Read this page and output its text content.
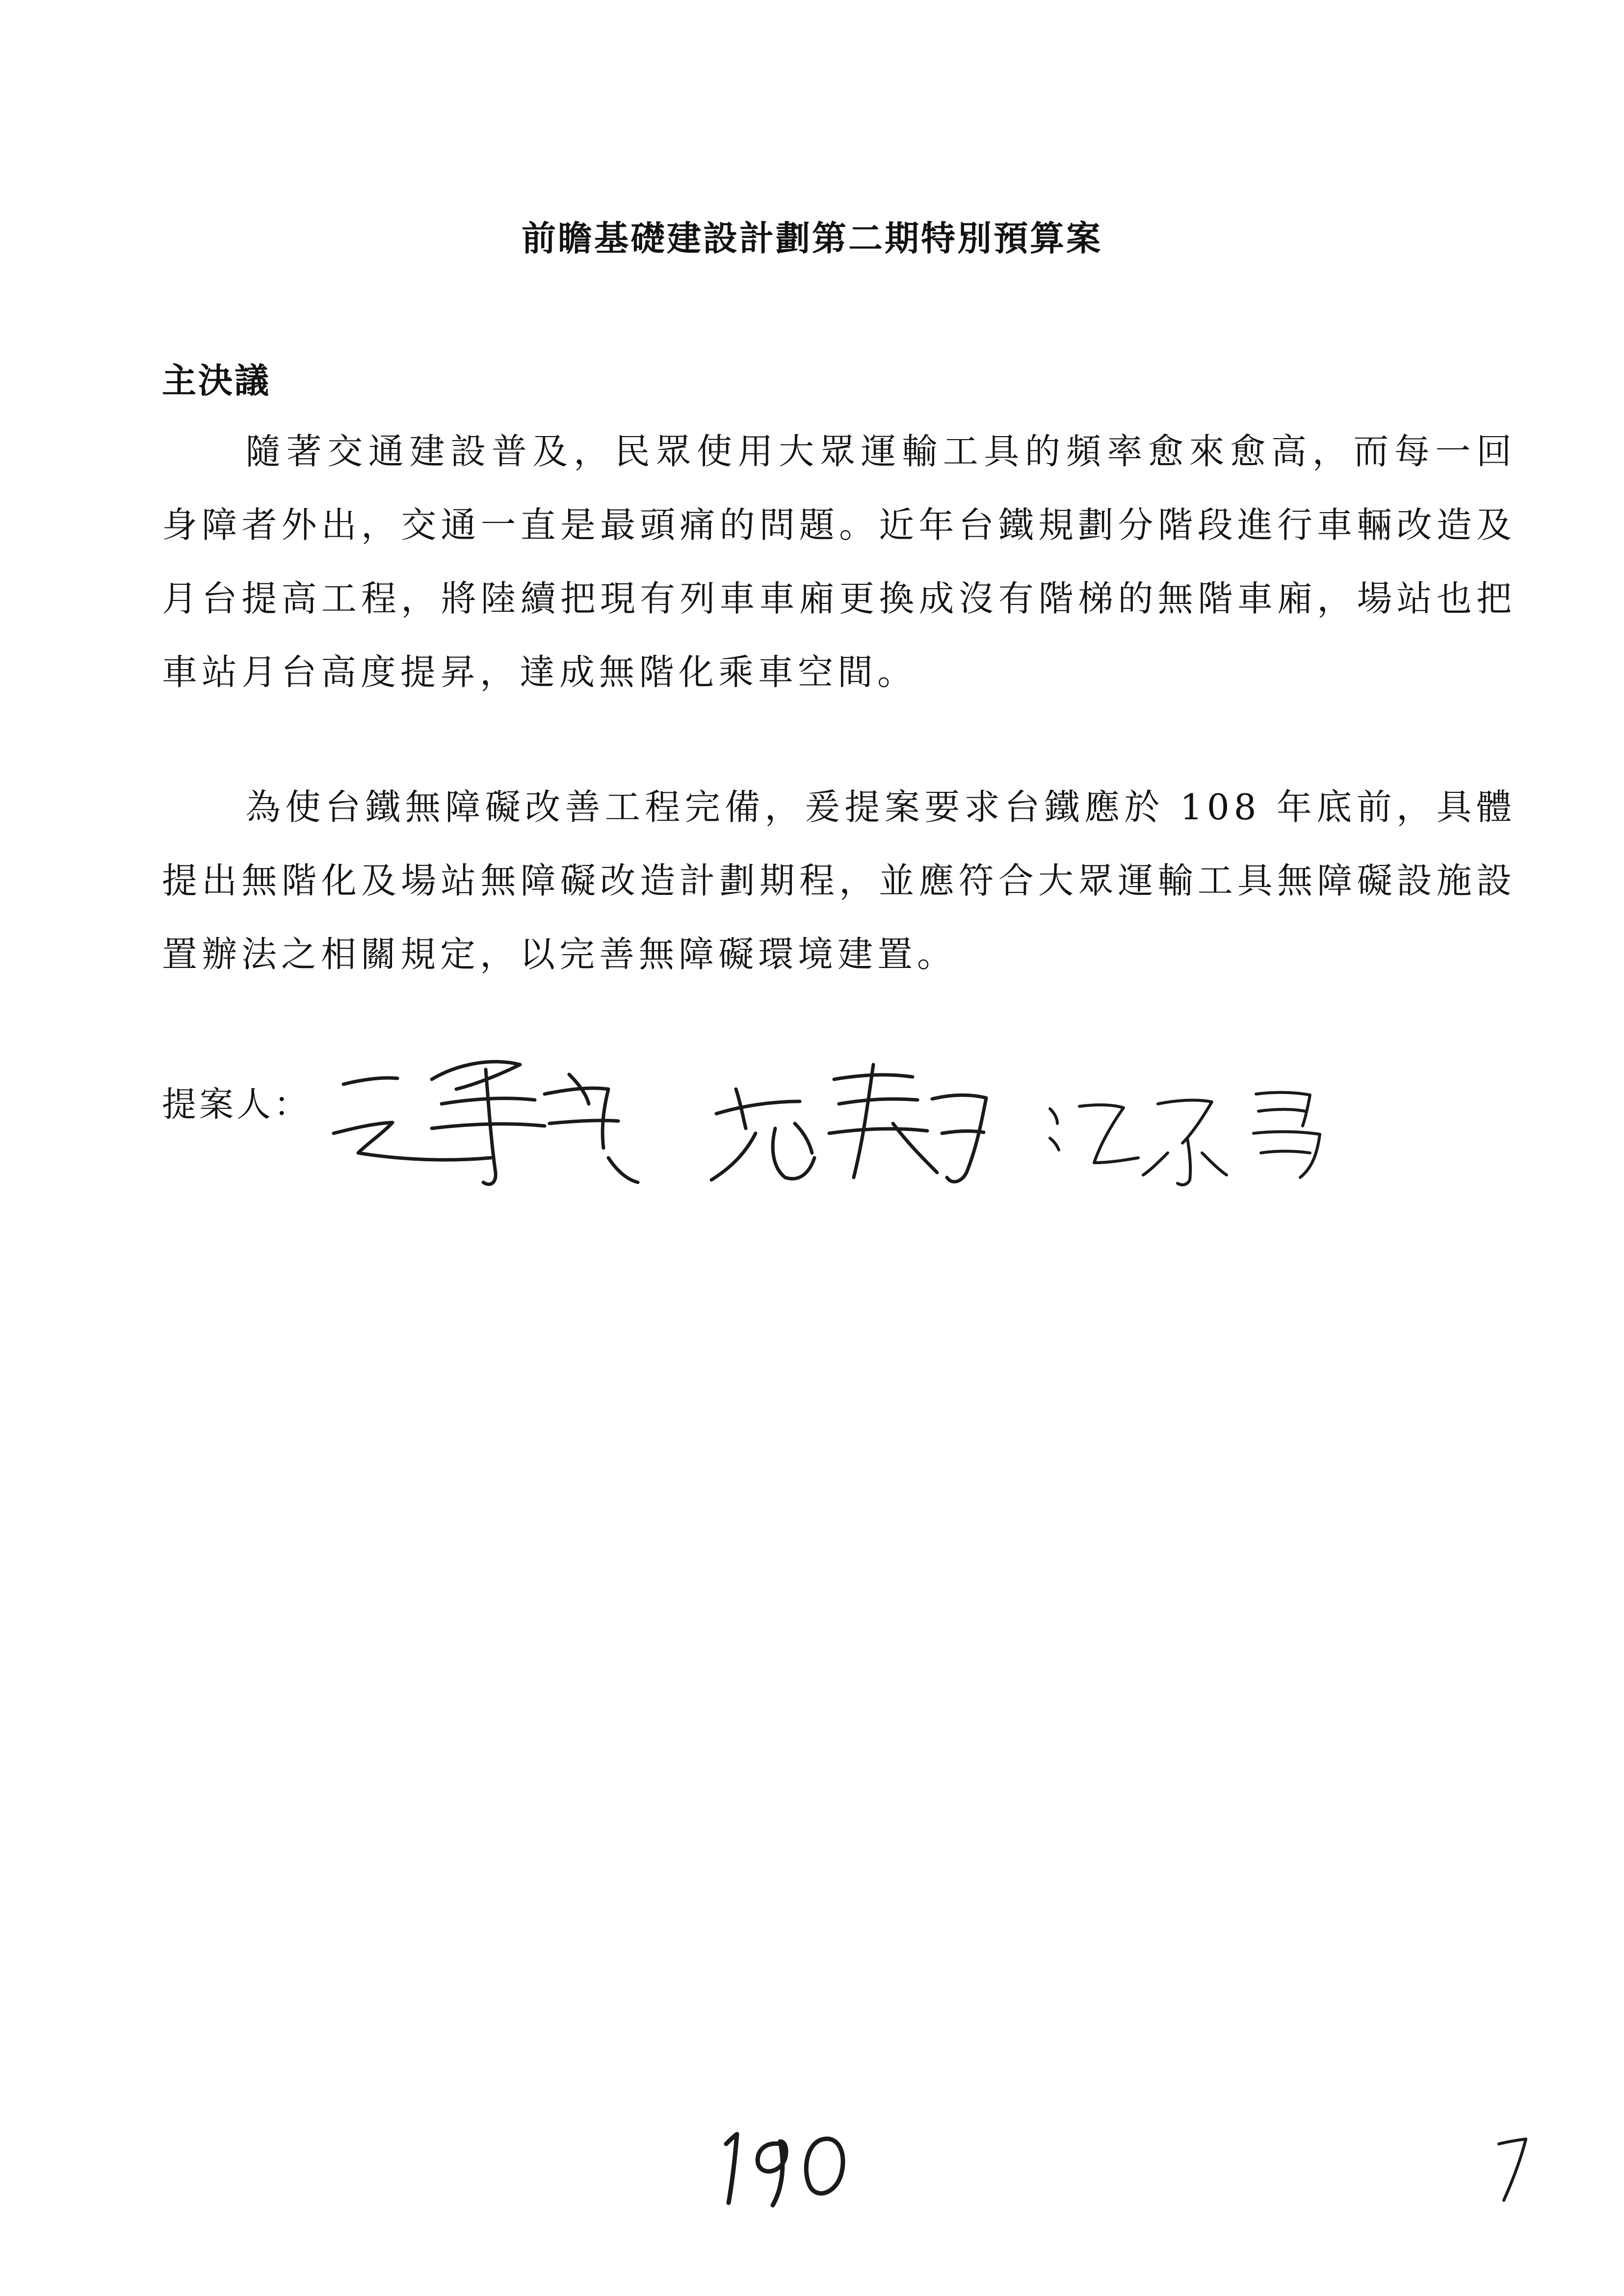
前瞻基礎建設計劃第二期特別預算案
主決議

隨著交通建設普及，民眾使用大眾運輸工具的頻率愈來愈高，而每一回身障者外出，交通一直是最頭痛的問題。近年台鐵規劃分階段進行車輛改造及月台提高工程，將陸續把現有列車車廂更換成沒有階梯的無階車廂，場站也把車站月台高度提昇，達成無階化乘車空間。

為使台鐵無障礙改善工程完備，爰提案要求台鐵應於 108 年底前，具體提出無階化及場站無障礙改造計劃期程，並應符合大眾運輸工具無障礙設施設置辦法之相關規定，以完善無障礙環境建置。

提案人：
